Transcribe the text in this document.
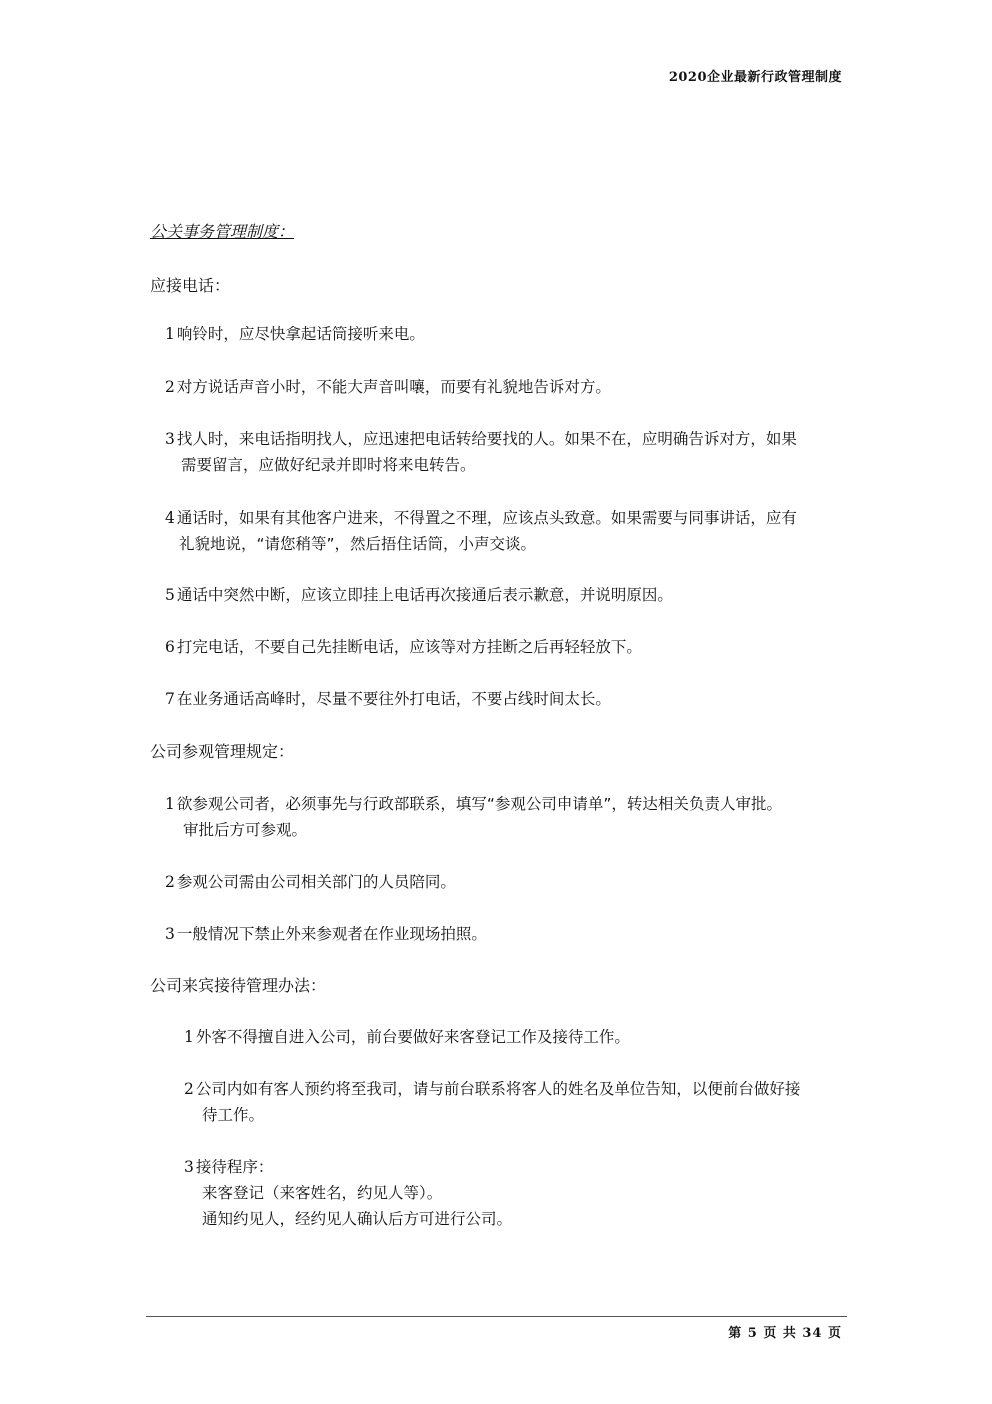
2020企业最新行政管理制度
公关事务管理制度：
应接电话：
1 响铃时，应尽快拿起话筒接听来电。
2 对方说话声音小时，不能大声音叫嚷，而要有礼貌地告诉对方。
3 找人时，来电话指明找人，应迅速把电话转给要找的人。如果不在，应明确告诉对方，如果
需要留言，应做好纪录并即时将来电转告。
4 通话时，如果有其他客户进来，不得置之不理，应该点头致意。如果需要与同事讲话，应有
礼貌地说，“请您稍等”，然后捂住话筒，小声交谈。
5 通话中突然中断，应该立即挂上电话再次接通后表示歉意，并说明原因。
6 打完电话，不要自己先挂断电话，应该等对方挂断之后再轻轻放下。
7 在业务通话高峰时，尽量不要往外打电话，不要占线时间太长。
公司参观管理规定：
1 欲参观公司者，必须事先与行政部联系，填写“参观公司申请单”，转达相关负责人审批。
审批后方可参观。
2 参观公司需由公司相关部门的人员陪同。
3 一般情况下禁止外来参观者在作业现场拍照。
公司来宾接待管理办法：
1 外客不得擅自进入公司，前台要做好来客登记工作及接待工作。
2 公司内如有客人预约将至我司，请与前台联系将客人的姓名及单位告知，以便前台做好接
待工作。
3 接待程序：
来客登记（来客姓名，约见人等）。
通知约见人，经约见人确认后方可进行公司。
第 5 页 共 34 页
